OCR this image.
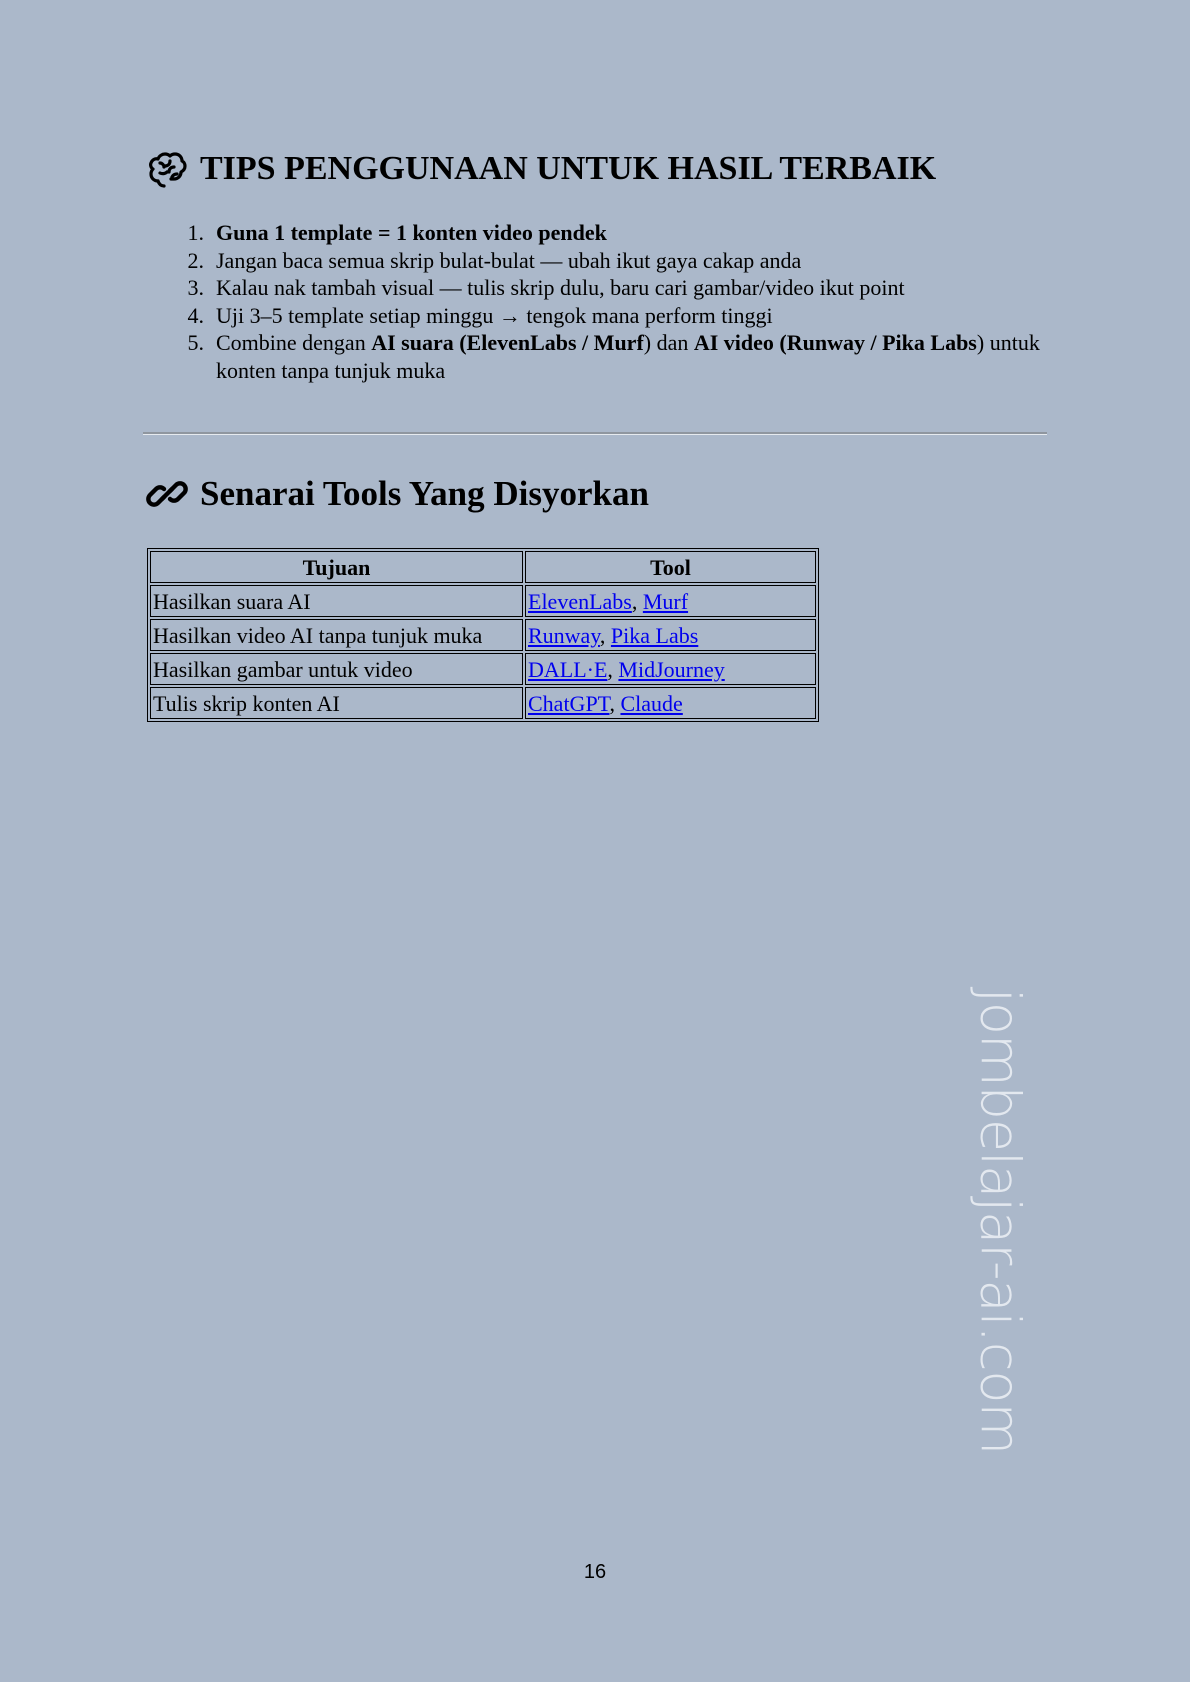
TIPS PENGGUNAAN UNTUK HASIL TERBAIK
1. Guna 1 template = 1 konten video pendek
2. Jangan baca semua skrip bulat-bulat — ubah ikut gaya cakap anda
3. Kalau nak tambah visual — tulis skrip dulu, baru cari gambar/video ikut point
4. Uji 3–5 template setiap minggu → tengok mana perform tinggi
5. Combine dengan AI suara (ElevenLabs / Murf) dan AI video (Runway / Pika Labs) untuk konten tanpa tunjuk muka
Senarai Tools Yang Disyorkan
Tujuan	Tool
Hasilkan suara AI	ElevenLabs, Murf
Hasilkan video AI tanpa tunjuk muka	Runway, Pika Labs
Hasilkan gambar untuk video	DALL·E, MidJourney
Tulis skrip konten AI	ChatGPT, Claude
jombelajar-ai.com
16
